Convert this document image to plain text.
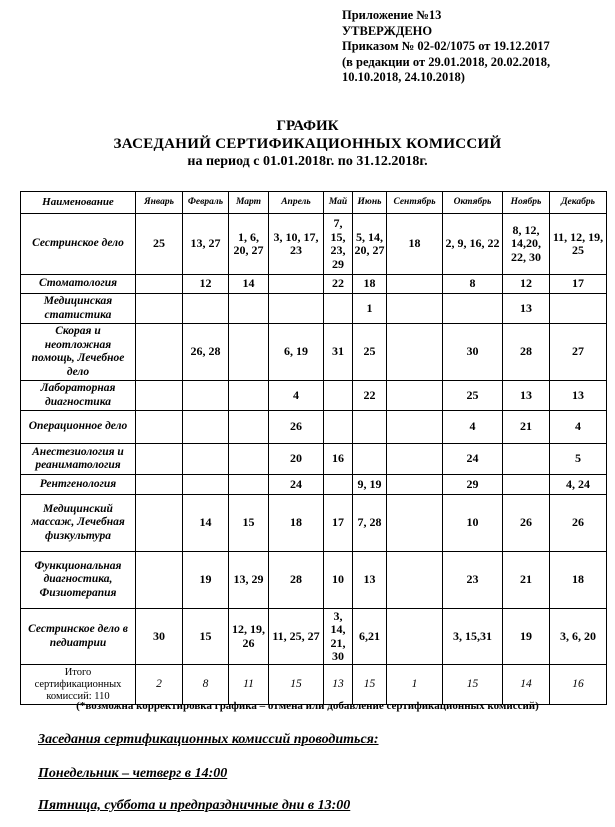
Приложение №13
УТВЕРЖДЕНО
Приказом № 02-02/1075 от 19.12.2017
(в редакции от 29.01.2018, 20.02.2018,
10.10.2018, 24.10.2018)
ГРАФИК
ЗАСЕДАНИЙ СЕРТИФИКАЦИОННЫХ КОМИССИЙ
на период с 01.01.2018г. по 31.12.2018г.
Наименование	Январь	Февраль	Март	Апрель	Май	Июнь	Сентябрь	Октябрь	Ноябрь	Декабрь
Сестринское дело	25	13, 27	1, 6, 20, 27	3, 10, 17, 23	7, 15, 23, 29	5, 14, 20, 27	18	2, 9, 16, 22	8, 12, 14,20, 22, 30	11, 12, 19, 25
Стоматология		12	14		22	18		8	12	17
Медицинская статистика						1			13	
Скорая и неотложная помощь, Лечебное дело		26, 28		6, 19	31	25		30	28	27
Лабораторная диагностика				4		22		25	13	13
Операционное дело				26				4	21	4
Анестезиология и реаниматология				20	16			24		5
Рентгенология				24		9, 19		29		4, 24
Медицинский массаж, Лечебная физкультура		14	15	18	17	7, 28		10	26	26
Функциональная диагностика, Физиотерапия		19	13, 29	28	10	13		23	21	18
Сестринское дело в педиатрии	30	15	12, 19, 26	11, 25, 27	3, 14, 21, 30	6,21		3, 15,31	19	3, 6, 20
Итого сертификационных комиссий: 110	2	8	11	15	13	15	1	15	14	16
(*возможна корректировка графика – отмена или добавление сертификационных комиссий)
Заседания сертификационных комиссий проводиться:
Понедельник – четверг в 14:00
Пятница, суббота и предпраздничные дни в 13:00
